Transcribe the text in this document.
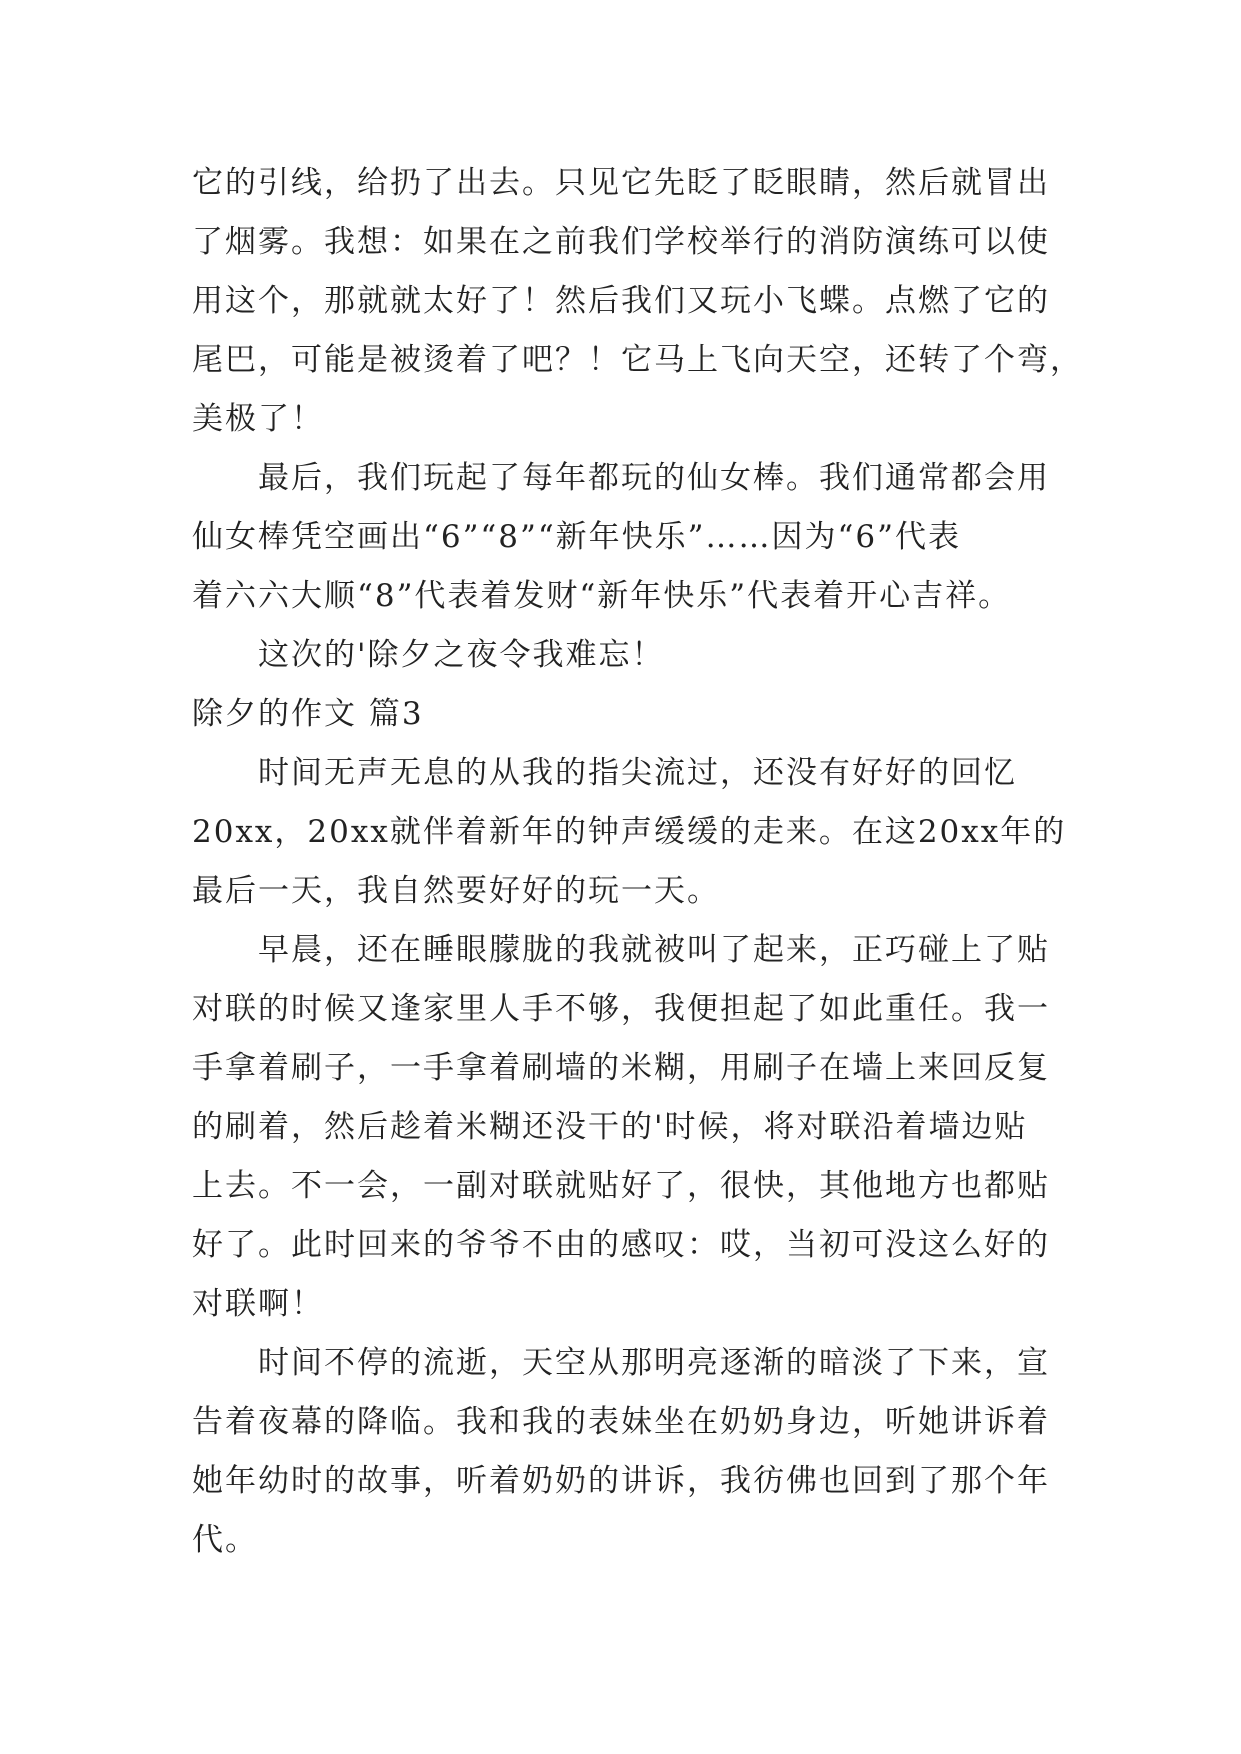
它的引线，给扔了出去。只见它先眨了眨眼睛，然后就冒出
了烟雾。我想：如果在之前我们学校举行的消防演练可以使
用这个，那就就太好了！然后我们又玩小飞蝶。点燃了它的
尾巴，可能是被烫着了吧？！它马上飞向天空，还转了个弯，
美极了！
最后，我们玩起了每年都玩的仙女棒。我们通常都会用
仙女棒凭空画出“6”“8”“新年快乐”……因为“6”代表
着六六大顺“8”代表着发财“新年快乐”代表着开心吉祥。
这次的'除夕之夜令我难忘！
除夕的作文 篇3
时间无声无息的从我的指尖流过，还没有好好的回忆
20xx，20xx就伴着新年的钟声缓缓的走来。在这20xx年的
最后一天，我自然要好好的玩一天。
早晨，还在睡眼朦胧的我就被叫了起来，正巧碰上了贴
对联的时候又逢家里人手不够，我便担起了如此重任。我一
手拿着刷子，一手拿着刷墙的米糊，用刷子在墙上来回反复
的刷着，然后趁着米糊还没干的'时候，将对联沿着墙边贴
上去。不一会，一副对联就贴好了，很快，其他地方也都贴
好了。此时回来的爷爷不由的感叹：哎，当初可没这么好的
对联啊！
时间不停的流逝，天空从那明亮逐渐的暗淡了下来，宣
告着夜幕的降临。我和我的表妹坐在奶奶身边，听她讲诉着
她年幼时的故事，听着奶奶的讲诉，我彷佛也回到了那个年
代。
